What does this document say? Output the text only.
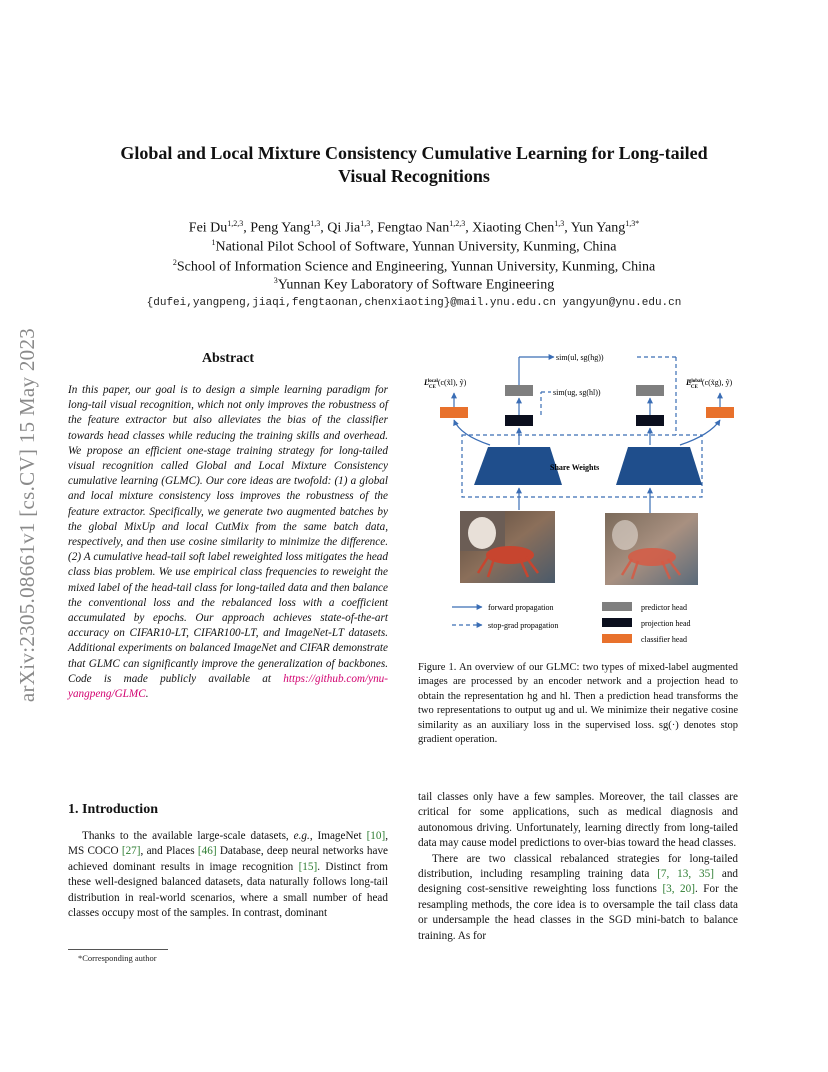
arXiv:2305.08661v1 [cs.CV] 15 May 2023
Global and Local Mixture Consistency Cumulative Learning for Long-tailed
Visual Recognitions
Fei Du$^{1,2,3}$, Peng Yang$^{1,3}$, Qi Jia$^{1,3}$, Fengtao Nan$^{1,2,3}$, Xiaoting Chen$^{1,3}$, Yun Yang$^{1,3*}$
$^1$National Pilot School of Software, Yunnan University, Kunming, China
$^2$School of Information Science and Engineering, Yunnan University, Kunming, China
$^3$Yunnan Key Laboratory of Software Engineering
{dufei,yangpeng,jiaqi,fengtaonan,chenxiaoting}@mail.ynu.edu.cn yangyun@ynu.edu.cn
Abstract
In this paper, our goal is to design a simple learning paradigm for long-tail visual recognition, which not only improves the robustness of the feature extractor but also alleviates the bias of the classifier towards head classes while reducing the training skills and overhead. We propose an efficient one-stage training strategy for long-tailed visual recognition called Global and Local Mixture Consistency cumulative learning (GLMC). Our core ideas are twofold: (1) a global and local mixture consistency loss improves the robustness of the feature extractor. Specifically, we generate two augmented batches by the global MixUp and local CutMix from the same batch data, respectively, and then use cosine similarity to minimize the difference. (2) A cumulative head-tail soft label reweighted loss mitigates the head class bias problem. We use empirical class frequencies to reweight the mixed label of the head-tail class for long-tailed data and then balance the conventional loss and the rebalanced loss with a coefficient accumulated by epochs. Our approach achieves state-of-the-art accuracy on CIFAR10-LT, CIFAR100-LT, and ImageNet-LT datasets. Additional experiments on balanced ImageNet and CIFAR demonstrate that GLMC can significantly improve the generalization of backbones. Code is made publicly available at https://github.com/ynu-yangpeng/GLMC.
1. Introduction
Thanks to the available large-scale datasets, e.g., ImageNet [10], MS COCO [27], and Places [46] Database, deep neural networks have achieved dominant results in image recognition [15]. Distinct from these well-designed balanced datasets, data naturally follows long-tail distribution in real-world scenarios, where a small number of head classes occupy most of the samples. In contrast, dominant
*Corresponding author
sim(ul, sg(hg))
sim(ug, sg(hl))
$L_{CE}local(c(x̃l)$, ỹ)	$L_{CE}global(c(x̃g)$, ỹ)
Share Weights
forward propagation
stop-grad propagation
predictor head
projection head
classifier head
Figure 1. An overview of our GLMC: two types of mixed-label augmented images are processed by an encoder network and a projection head to obtain the representation hg and hl. Then a prediction head transforms the two representations to output ug and ul. We minimize their negative cosine similarity as an auxiliary loss in the supervised loss. sg(·) denotes stop gradient operation.

tail classes only have a few samples. Moreover, the tail classes are critical for some applications, such as medical diagnosis and autonomous driving. Unfortunately, learning directly from long-tailed data may cause model predictions to over-bias toward the head classes.

There are two classical rebalanced strategies for long-tailed distribution, including resampling training data [7, 13, 35] and designing cost-sensitive reweighting loss functions [3, 20]. For the resampling methods, the core idea is to oversample the tail class data or undersample the head classes in the SGD mini-batch to balance training. As for
